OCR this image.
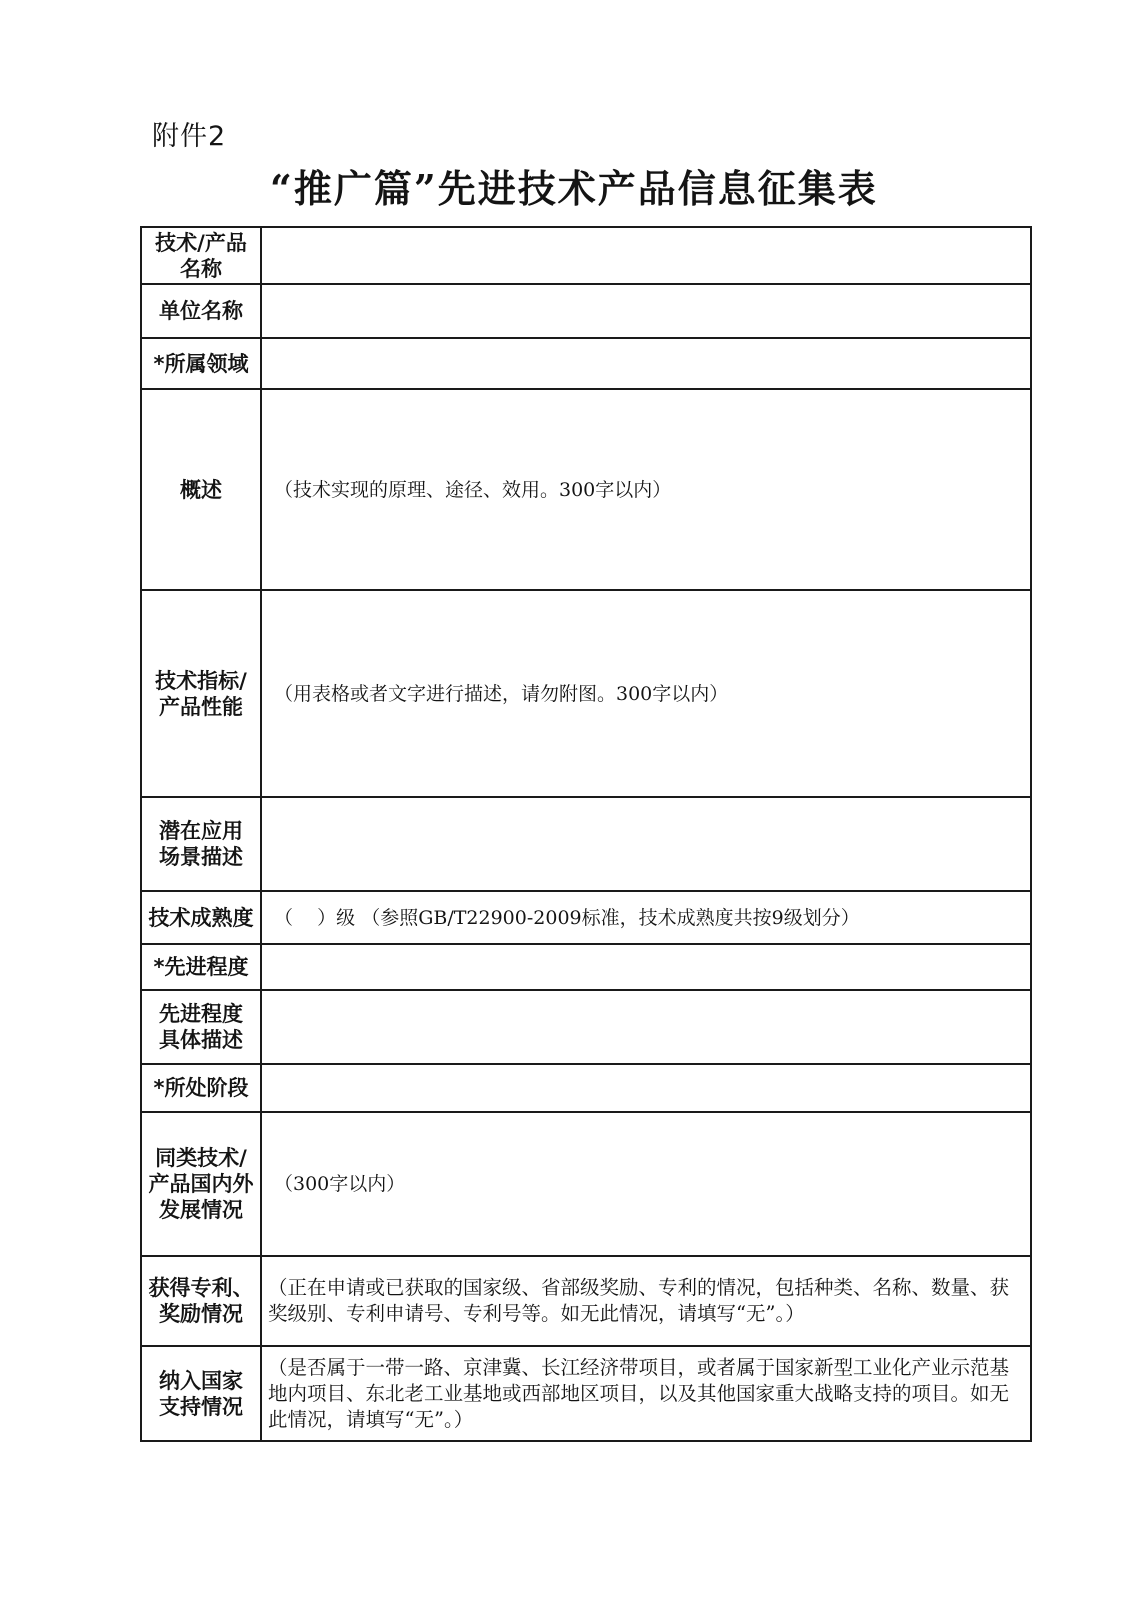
附件2
“推广篇”先进技术产品信息征集表
技术/产品
名称	

单位名称	

*所属领域	

概述	（技术实现的原理、途径、效用。300字以内）

技术指标/
产品性能	（用表格或者文字进行描述，请勿附图。300字以内）

潜在应用
场景描述	

技术成熟度	（    ）级 （参照GB/T22900-2009标准，技术成熟度共按9级划分）

*先进程度	

先进程度
具体描述	

*所处阶段	

同类技术/
产品国内外
发展情况	（300字以内）

获得专利、
奖励情况	（正在申请或已获取的国家级、省部级奖励、专利的情况，包括种类、名称、数量、获奖级别、专利申请号、专利号等。如无此情况，请填写“无”。）

纳入国家
支持情况	（是否属于一带一路、京津冀、长江经济带项目，或者属于国家新型工业化产业示范基地内项目、东北老工业基地或西部地区项目，以及其他国家重大战略支持的项目。如无此情况，请填写“无”。）
